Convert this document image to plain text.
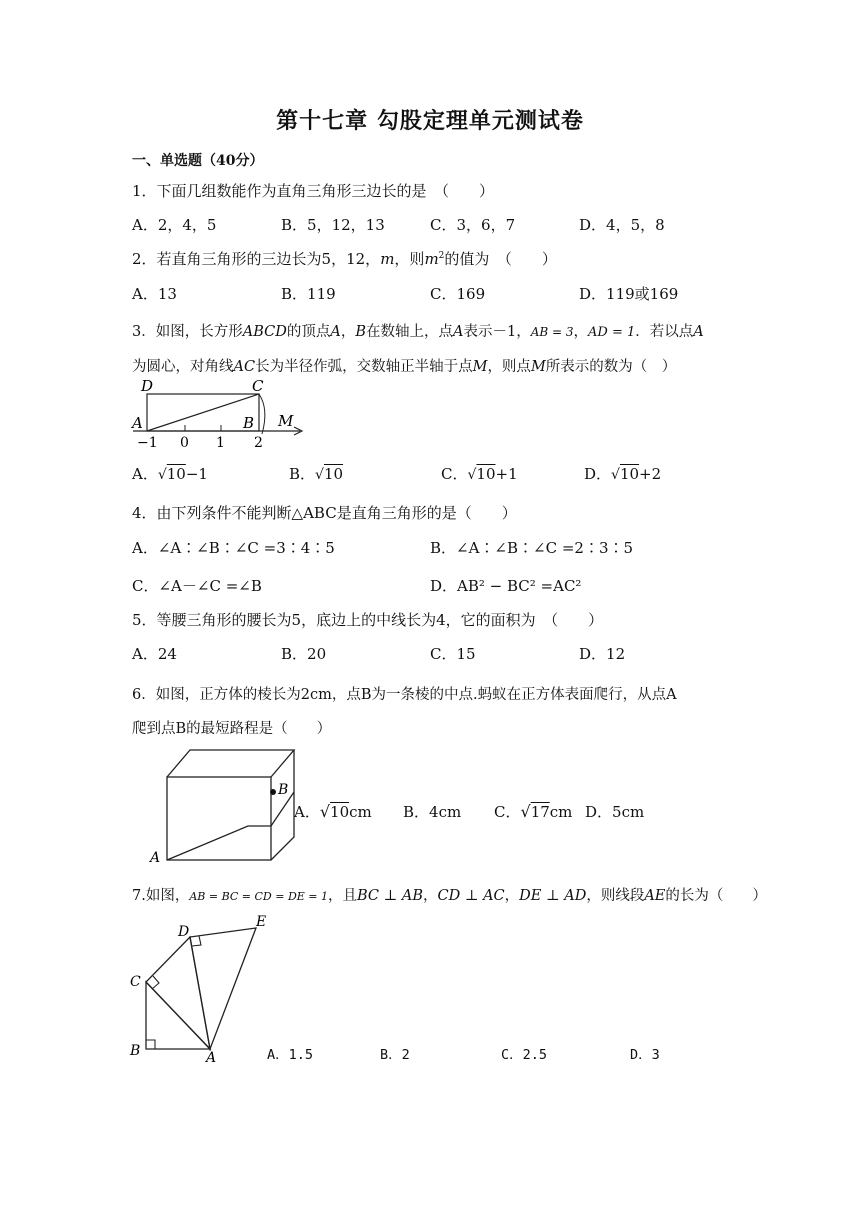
第十七章 勾股定理单元测试卷
一、单选题（40分）
1．下面几组数能作为直角三角形三边长的是　（　　）
A．2，4，5	B．5，12，13	C．3，6，7	D．4，5，8
2．若直角三角形的三边长为5，12，m，则$m^2$的值为　（　　）
A．13	B．119	C．169	D．119或169
3．如图，长方形ABCD的顶点A，B在数轴上，点A表示－1，AB = 3，AD = 1．若以点A
为圆心，对角线AC长为半径作弧，交数轴正半轴于点M，则点M所表示的数为（　）
D	C
A	B M
−1 0 1 2
A．√10−1	B．√10	C．√10+1	D．√10+2
4．由下列条件不能判断△ABC是直角三角形的是（　　）
A．∠A∶∠B∶∠C =3∶4∶5	B．∠A∶∠B∶∠C =2∶3∶5
C．∠A－∠C =∠B	D．AB² − BC² =AC²
5．等腰三角形的腰长为5，底边上的中线长为4，它的面积为　（　　）
A．24	B．20	C．15	D．12
6．如图，正方体的棱长为2cm，点B为一条棱的中点.蚂蚁在正方体表面爬行，从点A
爬到点B的最短路程是（　　）
B
A
A．√10cm B．4cm C．√17cm D．5cm
7.如图，AB = BC = CD = DE = 1，且BC ⊥ AB，CD ⊥ AC，DE ⊥ AD，则线段AE的长为（　　）
B	A
C
D
E
A．1.5	B．2	C．2.5	D．3
